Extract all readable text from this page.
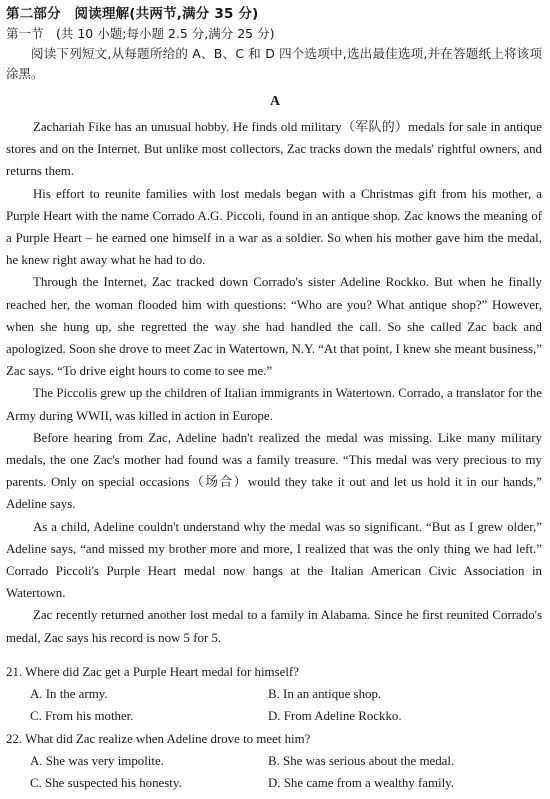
第二部分　阅读理解(共两节,满分 35 分)
第一节　(共 10 小题;每小题 2.5 分,满分 25 分)
阅读下列短文,从每题所给的 A、B、C 和 D 四个选项中,选出最佳选项,并在答题纸上将该项涂黑。
A

Zachariah Fike has an unusual hobby. He finds old military（军队的）medals for sale in antique stores and on the Internet. But unlike most collectors, Zac tracks down the medals' rightful owners, and returns them.

His effort to reunite families with lost medals began with a Christmas gift from his mother, a Purple Heart with the name Corrado A.G. Piccoli, found in an antique shop. Zac knows the meaning of a Purple Heart – he earned one himself in a war as a soldier. So when his mother gave him the medal, he knew right away what he had to do.

Through the Internet, Zac tracked down Corrado's sister Adeline Rockko. But when he finally reached her, the woman flooded him with questions: “Who are you? What antique shop?” However, when she hung up, she regretted the way she had handled the call. So she called Zac back and apologized. Soon she drove to meet Zac in Watertown, N.Y. “At that point, I knew she meant business,” Zac says. “To drive eight hours to come to see me.”

The Piccolis grew up the children of Italian immigrants in Watertown. Corrado, a translator for the Army during WWII, was killed in action in Europe.

Before hearing from Zac, Adeline hadn't realized the medal was missing. Like many military medals, the one Zac's mother had found was a family treasure. “This medal was very precious to my parents. Only on special occasions（场合）would they take it out and let us hold it in our hands,” Adeline says.

As a child, Adeline couldn't understand why the medal was so significant. “But as I grew older,” Adeline says, “and missed my brother more and more, I realized that was the only thing we had left.” Corrado Piccoli's Purple Heart medal now hangs at the Italian American Civic Association in Watertown.

Zac recently returned another lost medal to a family in Alabama. Since he first reunited Corrado's medal, Zac says his record is now 5 for 5.

21. Where did Zac get a Purple Heart medal for himself?

A. In the army.	B. In an antique shop.
C. From his mother.	D. From Adeline Rockko.

22. What did Zac realize when Adeline drove to meet him?

A. She was very impolite.	B. She was serious about the medal.
C. She suspected his honesty.	D. She came from a wealthy family.
